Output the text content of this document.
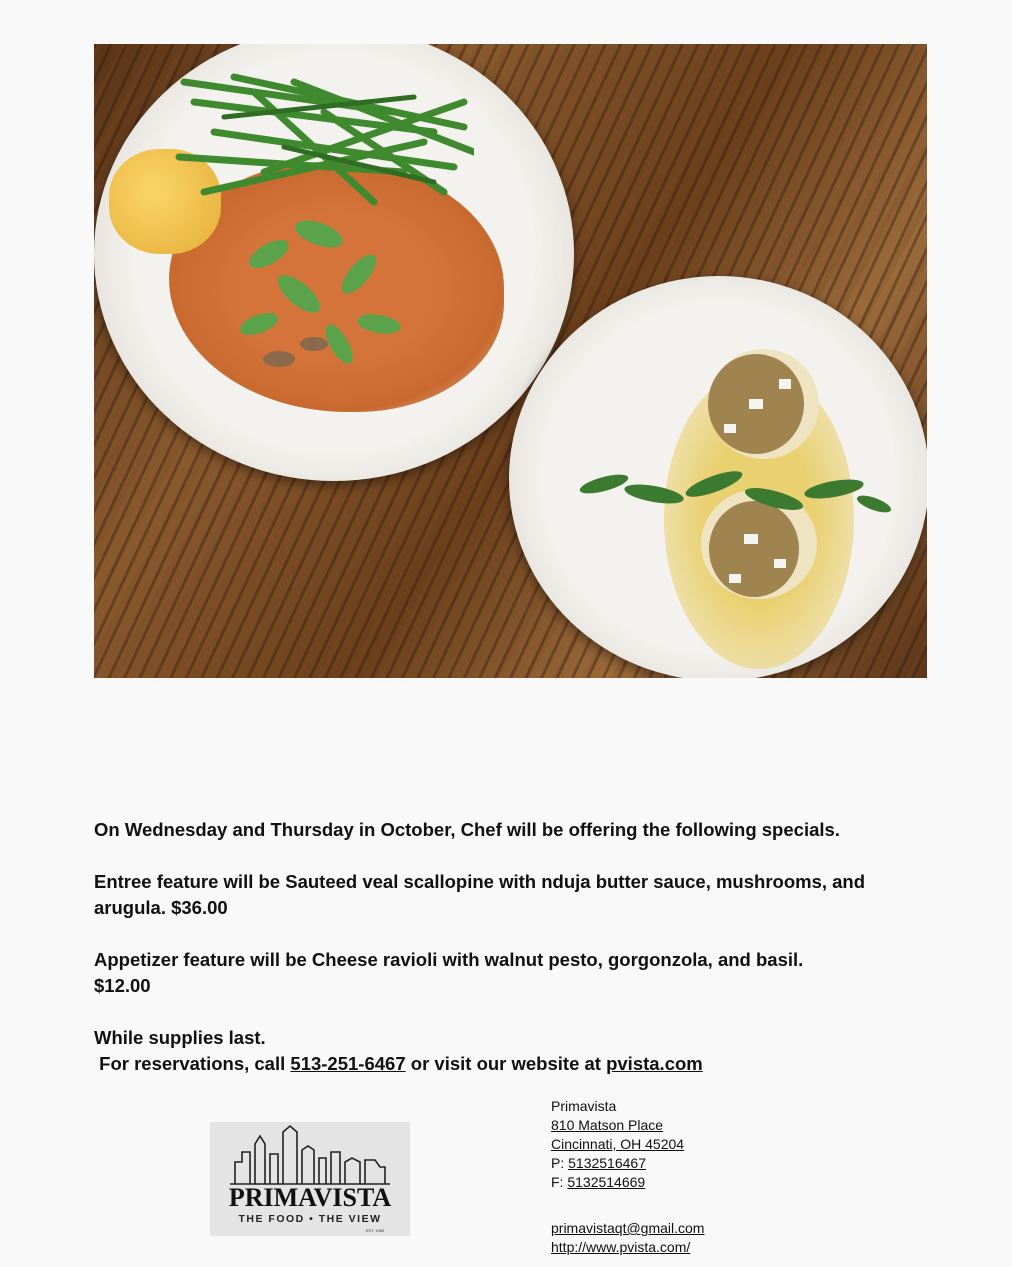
On Wednesday and Thursday in October, Chef will be offering the following specials.

Entree feature will be Sauteed veal scallopine with nduja butter sauce, mushrooms, and arugula. $36.00

Appetizer feature will be Cheese ravioli with walnut pesto, gorgonzola, and basil.
$12.00

While supplies last.

For reservations, call 513-251-6467 or visit our website at pvista.com

PRIMAVISTA
THE FOOD • THE VIEW
EST. 1989
Primavista
810 Matson Place
Cincinnati, OH 45204
P: 5132516467
F: 5132514669
primavistaqt@gmail.com
http://www.pvista.com/
